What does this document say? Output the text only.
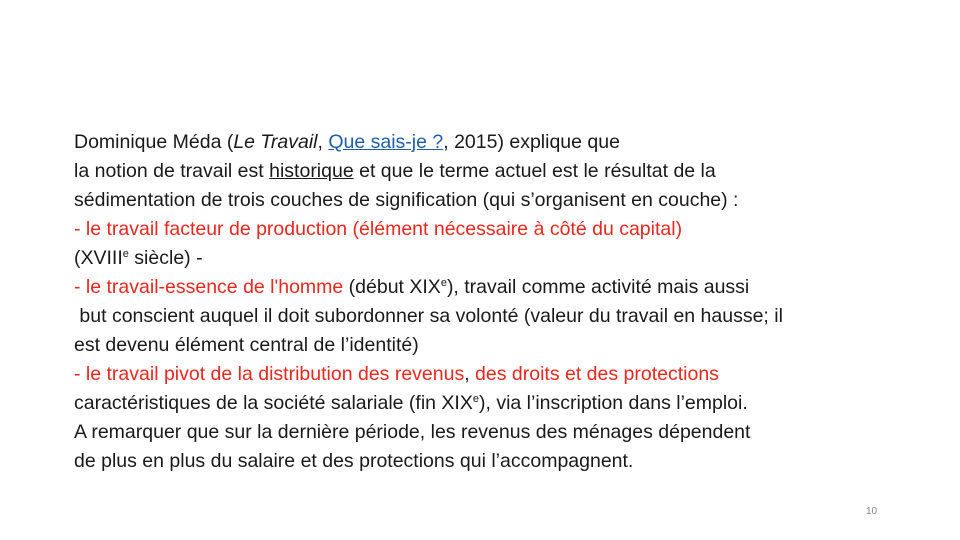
Dominique Méda (Le Travail, Que sais-je ?, 2015) explique que
la notion de travail est historique et que le terme actuel est le résultat de la
sédimentation de trois couches de signification (qui s’organisent en couche) :
- le travail facteur de production (élément nécessaire à côté du capital)
(XVIIIe siècle) -
- le travail-essence de l'homme (début XIXe), travail comme activité mais aussi
but conscient auquel il doit subordonner sa volonté (valeur du travail en hausse; il
est devenu élément central de l’identité)
- le travail pivot de la distribution des revenus, des droits et des protections
caractéristiques de la société salariale (fin XIXe), via l’inscription dans l’emploi.
A remarquer que sur la dernière période, les revenus des ménages dépendent
de plus en plus du salaire et des protections qui l’accompagnent.
10
